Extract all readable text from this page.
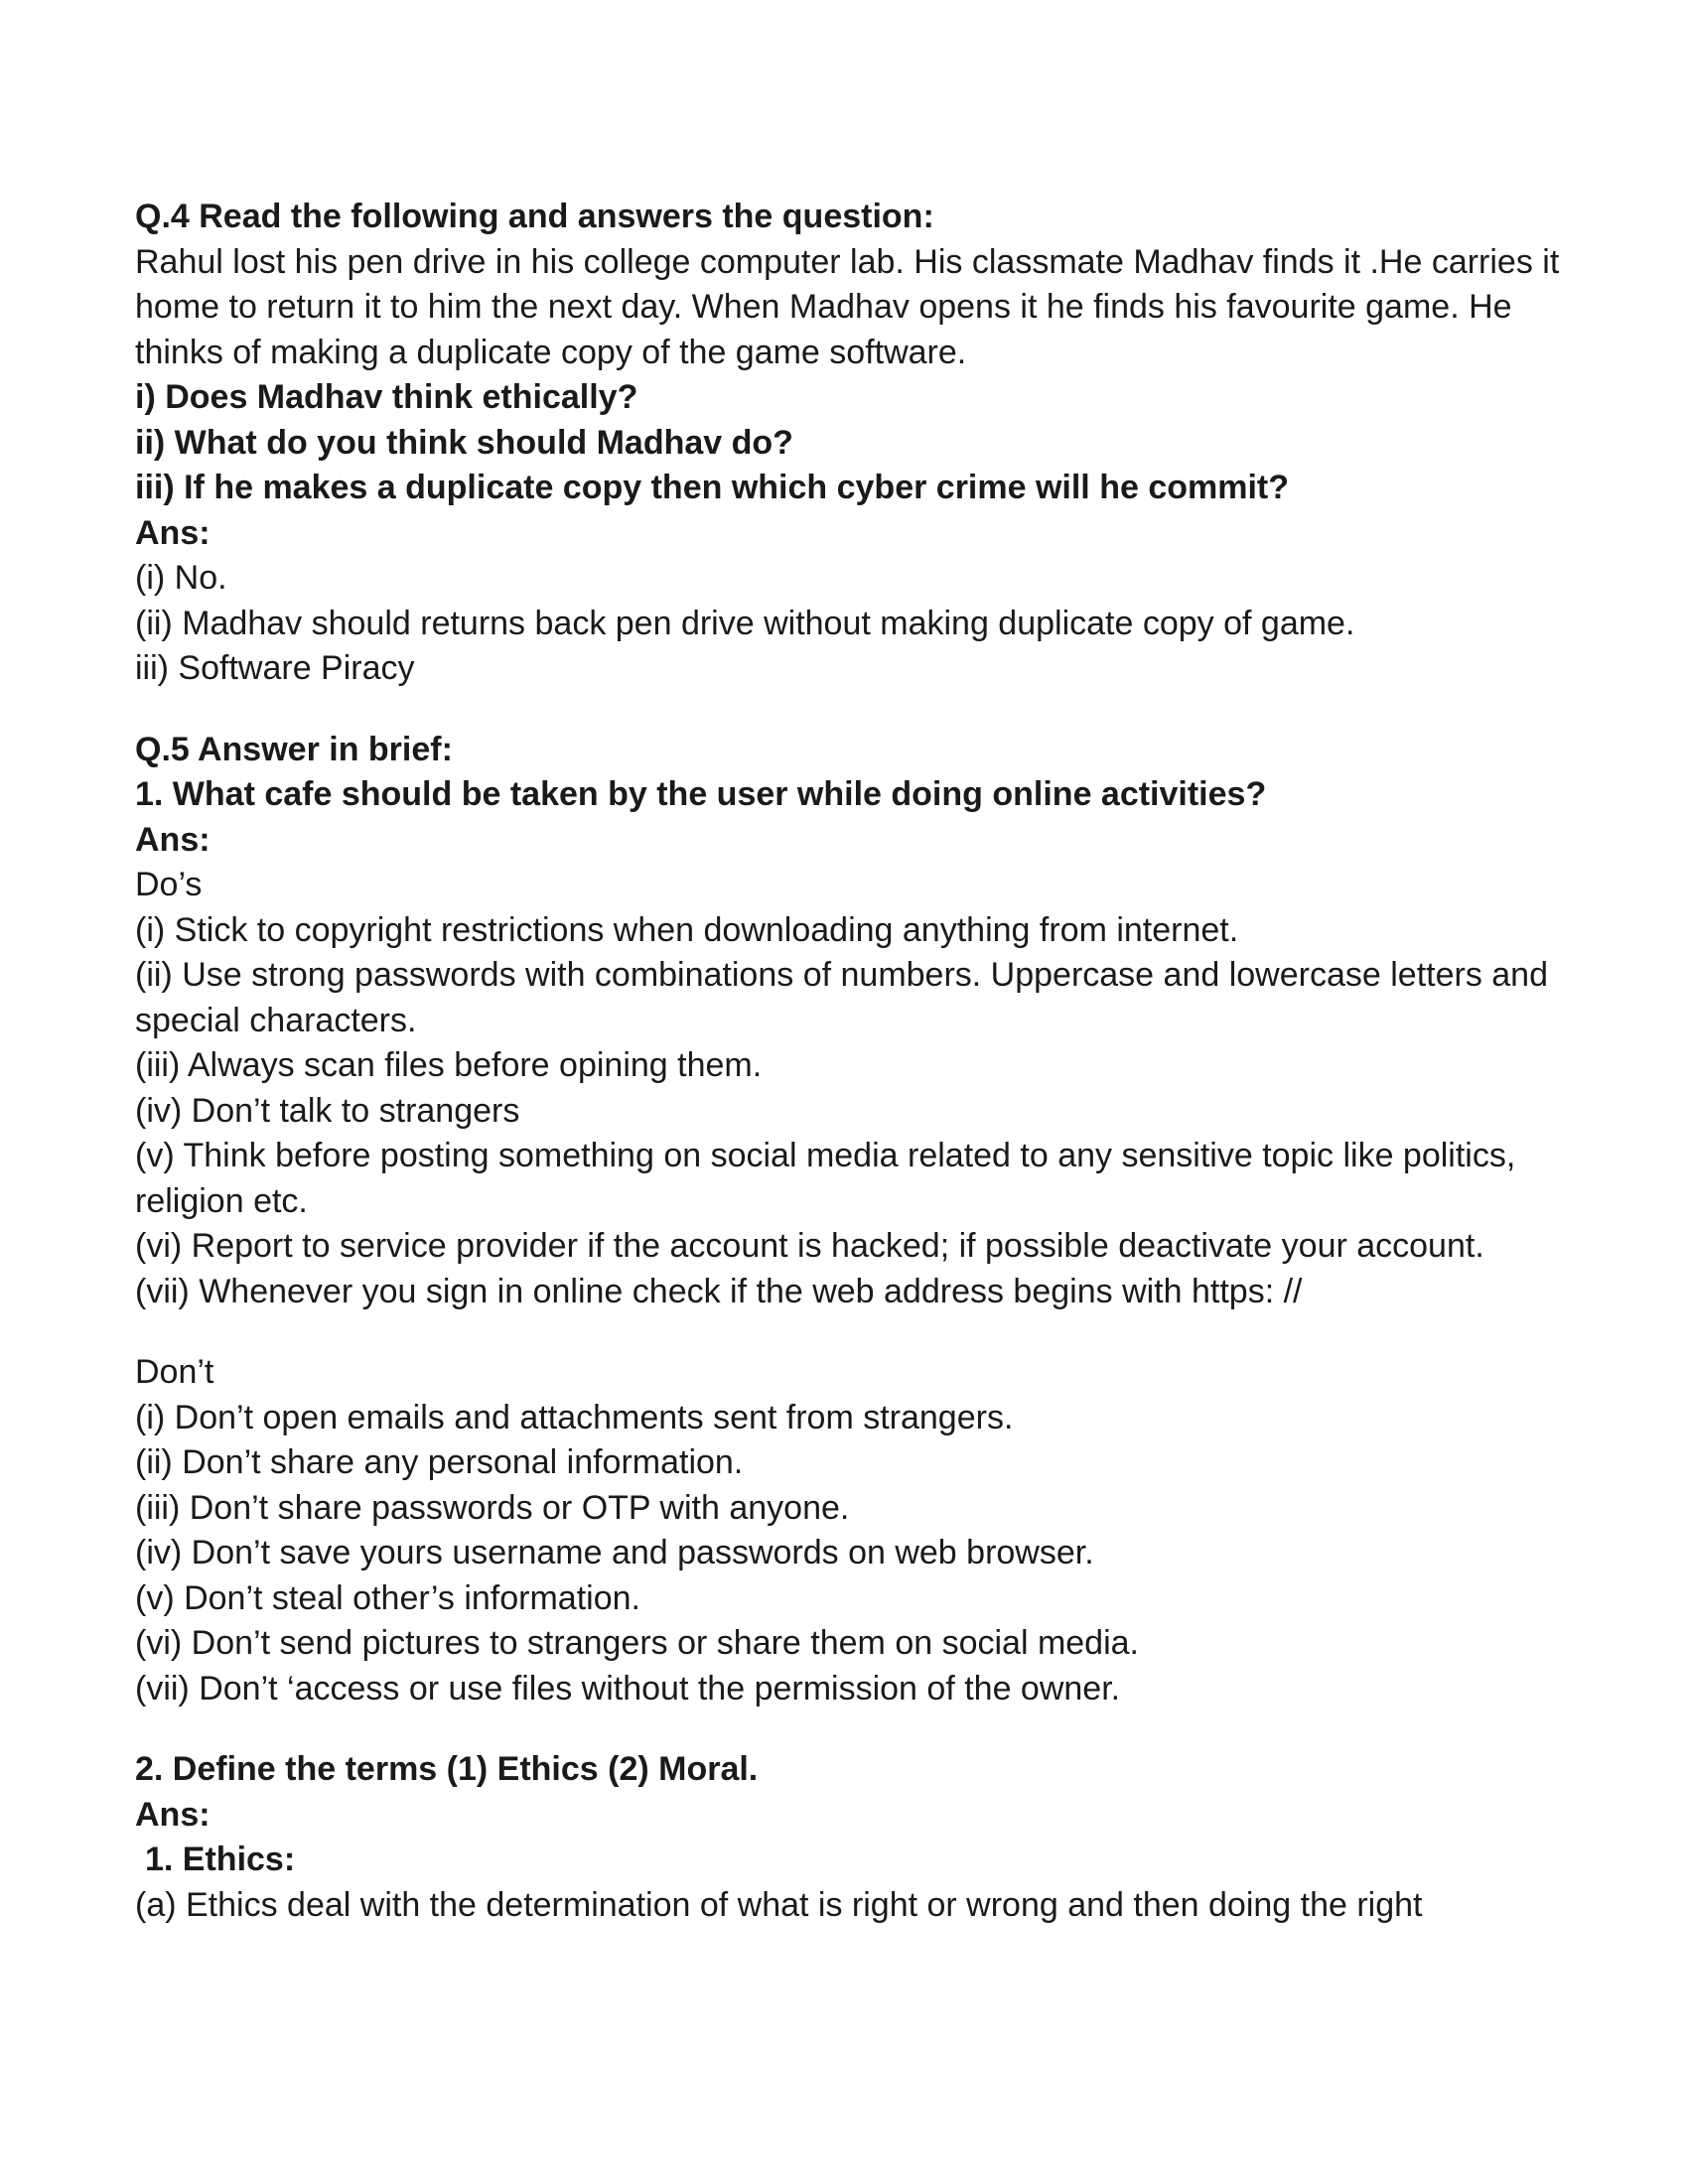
Q.4 Read the following and answers the question:
Rahul lost his pen drive in his college computer lab. His classmate Madhav finds it .He carries it home to return it to him the next day. When Madhav opens it he finds his favourite game. He thinks of making a duplicate copy of the game software.
i) Does Madhav think ethically?
ii) What do you think should Madhav do?
iii) If he makes a duplicate copy then which cyber crime will he commit?
Ans:
(i) No.
(ii) Madhav should returns back pen drive without making duplicate copy of game.
iii) Software Piracy
Q.5 Answer in brief:
1. What cafe should be taken by the user while doing online activities?
Ans:
Do’s
(i) Stick to copyright restrictions when downloading anything from internet.
(ii) Use strong passwords with combinations of numbers. Uppercase and lowercase letters and special characters.
(iii) Always scan files before opining them.
(iv) Don’t talk to strangers
(v) Think before posting something on social media related to any sensitive topic like politics, religion etc.
(vi) Report to service provider if the account is hacked; if possible deactivate your account.
(vii) Whenever you sign in online check if the web address begins with https: //
Don’t
(i) Don’t open emails and attachments sent from strangers.
(ii) Don’t share any personal information.
(iii) Don’t share passwords or OTP with anyone.
(iv) Don’t save yours username and passwords on web browser.
(v) Don’t steal other’s information.
(vi) Don’t send pictures to strangers or share them on social media.
(vii) Don’t ‘access or use files without the permission of the owner.
2. Define the terms (1) Ethics (2) Moral.
Ans:
1. Ethics:
(a) Ethics deal with the determination of what is right or wrong and then doing the right
